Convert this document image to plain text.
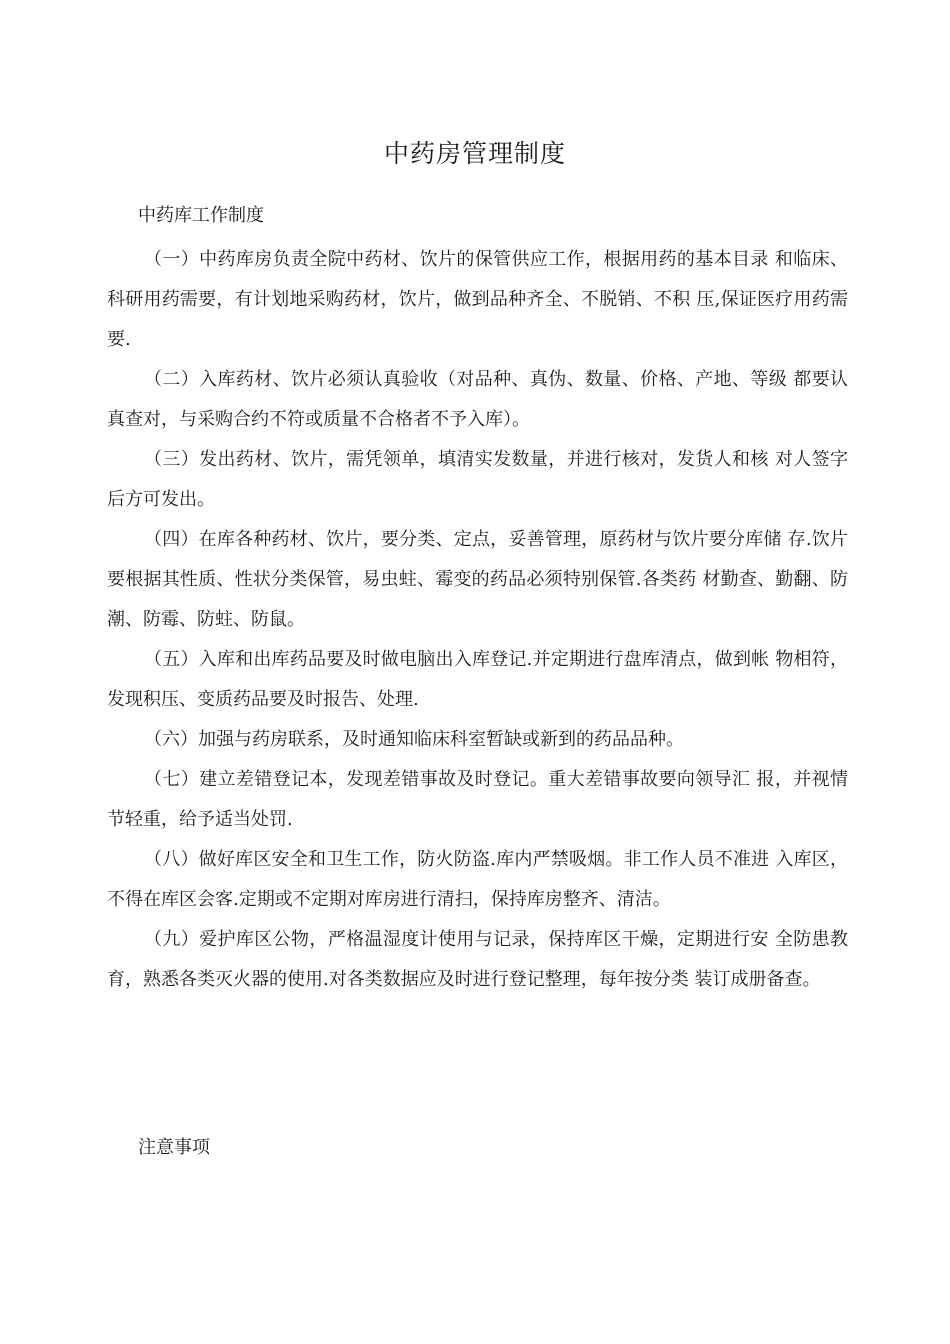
中药房管理制度
中药库工作制度

（一）中药库房负责全院中药材、饮片的保管供应工作，根据用药的基本目录 和临床、科研用药需要，有计划地采购药材，饮片，做到品种齐全、不脱销、不积 压,保证医疗用药需要.

（二）入库药材、饮片必须认真验收（对品种、真伪、数量、价格、产地、等级 都要认真查对，与采购合约不符或质量不合格者不予入库）。

（三）发出药材、饮片，需凭领单，填清实发数量，并进行核对，发货人和核 对人签字后方可发出。

（四）在库各种药材、饮片，要分类、定点，妥善管理，原药材与饮片要分库储 存.饮片要根据其性质、性状分类保管，易虫蛀、霉变的药品必须特别保管.各类药 材勤查、勤翻、防潮、防霉、防蛀、防鼠。

（五）入库和出库药品要及时做电脑出入库登记.并定期进行盘库清点，做到帐 物相符，发现积压、变质药品要及时报告、处理.

（六）加强与药房联系，及时通知临床科室暂缺或新到的药品品种。

（七）建立差错登记本，发现差错事故及时登记。重大差错事故要向领导汇 报，并视情节轻重，给予适当处罚.

（八）做好库区安全和卫生工作，防火防盗.库内严禁吸烟。非工作人员不准进 入库区，不得在库区会客.定期或不定期对库房进行清扫，保持库房整齐、清洁。

（九）爱护库区公物，严格温湿度计使用与记录，保持库区干燥，定期进行安 全防患教育，熟悉各类灭火器的使用.对各类数据应及时进行登记整理，每年按分类 装订成册备查。

注意事项
